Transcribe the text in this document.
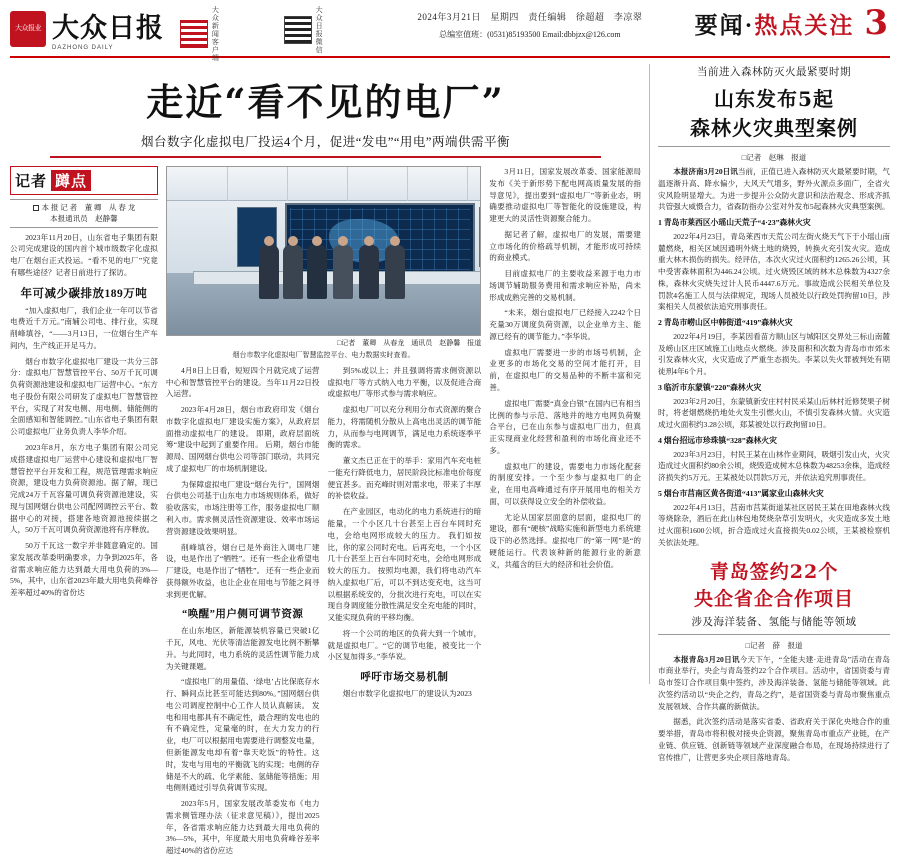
大众报业 大众日报
DAZHONG DAILY	大众新闻客户端	大众日报微信	2024年3月21日　星期四　责任编辑　徐超超　李凉翠
总编室值班：(0531)85193500 Email:dbbjzx@126.com	要闻·热点关注 3
走近“看不见的电厂”
烟台数字化虚拟电厂投运4个月，促进“发电”“用电”两端供需平衡
记者 蹲点
本 报 记 者　董 卿　从 春 龙
本报通讯员　赵静馨

2023年11月20日，山东省电子集团有限公司完成建设的国内首个城市级数字化虚拟电厂在烟台正式投运。“看不见的电厂”究竟有哪些途径？记者日前进行了探访。

年可减少碳排放189万吨

“加入虚拟电厂，我们企业一年可以节省电费近千万元。”南辅公司电、排行业，实现削峰填谷，“——3月13日，一位烟台生产车间内，生产线正开足马力。

烟台市数字化虚拟电厂建设一共分三部分：虚拟电厂智慧管控平台、50万千瓦可调负荷资源池建设和虚拟电厂运营中心。“东方电子股份有限公司研发了虚拟电厂智慧管控平台，实现了对发电侧、用电侧、储能侧的全面感知和智能调控。”山东省电子集团有限公司虚拟电厂业务负责人李华介绍。

2023年8月，东方电子集团有限公司完成搭建虚拟电厂运营中心建设和虚拟电厂智慧管控平台开发和工程，规范管理需求响应资源，建设电力负荷资源池。据了解，现已完成24万千瓦容量可调负荷资源池建设，实现与国网烟台供电公司配网调控云平台、数据中心的对接，搭建各地资源池接续据之人，50万千瓦可调负荷资源池将有序释放。

50万千瓦这一数字并非随意确定的。国家发展改革委明确要求，力争到2025年，各省需求响应能力达到最大用电负荷的3%—5%，其中，山东省2023年最大用电负荷峰谷差率超过40%的省份达

□记者　董卿　从春龙　通讯员　赵静馨　报道
烟台市数字化虚拟电厂智慧监控平台、电力数据实时查看。

4月8日上日看，短短四个月就完成了运营中心和智慧管控平台的建设。当年11月22日投入运营。

2023年4月28日，烟台市政府印发《烟台市数字化虚拟电厂建设实施方案》，从政府层面推动虚拟电厂的建设。 即期，政府层面统筹“建设中起到了重要作用。 后期，烟台市能源局、国网烟台供电公司等部门联动，共同完成了虚拟电厂的市场机制建设。

为保障虚拟电厂建设“烟台先行”，国网烟台供电公司基于山东电力市场规则体系，做好验收落实，市场注册等工作，服务虚拟电厂顺利入市。需求侧灵活性资源建设、效率市场运营资源建设效果明显。

削峰填谷，烟台已是外商注入调电厂建设，电是作出了“牺牲”。还有一些企业希望电厂建设，电是作出了“牺牲”。 还有一些企业而获得额外收益，也让企业在用电与节能之间寻求到更优解。

“唤醒”用户侧可调节资源

在山东地区，新能源装机容量已突破1亿千瓦，风电、光伏等清洁能源发电比例不断攀升。与此同时，电力系统的灵活性调节能力成为关键课题。

“虚拟电厂的用量值、‘绿电’占比保底存水行、瞬间点比甚至可能达到80%。”国网烟台供电公司调度控制中心工作人员认真解读。 发电和用电都具有不确定性，最合理的发电也的有不确定性，定量毫的时，在大力发力的行业，电厂可以根据用电需要进行调整发电量，但新能源发电却有着“靠天吃饭”的特性。这时，发电与用电的平衡就飞的实现；电侧的存储是不大的疏、化学素能、氢储能等措施；用电侧则通过引导负荷调节实现。

2023年5月，国家发展改革委发布《电力需求侧管理办法（征求意见稿）》，提出2025年，各省需求响应能力达到最大用电负荷的3%—5%，其中，年度最大用电负荷峰谷差率超过40%的省份应达

到5%或以上；并且强调将需求侧资源以虚拟电厂等方式纳入电力平衡，以及促进合商或虚拟电厂等形式参与需求响应。

虚拟电厂可以充分利用分布式资源的聚合能力，将需随机分散从上高电出灵活的调节能力，从而参与电网调节，满足电力系统逐季平衡的需求。

董文杰已正在于的举手：家用汽车充电桩一能充行降低电力，居民阶段比标准电价每度便宜甚多。而充峰时则对需求电，带来了丰厚的补偿收益。

在产业园区，电动化的电力系统进行的暗能量，一个小区几十台甚至上百台车同时充电，会给电网形成较大的压力。 我们如按比，你的家公同时充电。后再充电，一个小区几十台甚至上百台车同时充电，会给电网形成较大的压力。 按照均电源，我们将电动汽车纳入虚拟电厂后，可以不到达变充电，这当可以根据系统安的，分批次进行充电，可以在实现自身调度能分散性满足安全充电能的同时，又能实现负荷的平移均衡。

将一个公司的地区的负荷大到一个城市，就是虚拟电厂。“它的调节电能，被变比一个小区复加得多。”李华说。

呼吁市场交易机制

烟台市数字化虚拟电厂的建设认为2023

3月11日，国家发展改革委、国家能源局发布《关于新形势下配电网高质量发展的指导意见》，提出要到“虚拟电厂”等新业态，明确要推动虚拟电厂等智能化的设施建设，构建更大的灵活性资源聚合能力。

据记者了解，虚拟电厂的发展，需要建立市场化的价格疏导机制，才能形成可持续的商业模式。

目前虚拟电厂的主要收益来源于电力市场调节辅助服务费用和需求响应补贴，尚未形成成熟完善的交易机制。

“未来，烟台虚拟电厂已经接入2242个日充量30万调度负荷资源，以企业单方主、能源已经有的调节能力。”李华说。

虚拟电厂需要进一步的市场号机制，企业更多的市场化交易的空间才能打开，目前，在虚拟电厂的交易品种的不断丰富和完善。

虚拟电厂需要“真金白银”在国内已有相当比例的参与示范、落地并的地方电网负荷聚合平台，已在山东参与虚拟电厂出力，但真正实现商业化经营和盈利的市场化商业还不多。

虚拟电厂的建设，需要电力市场化配套的制度安排。一个至少参与虚拟电厂的企业，在用电高峰通过有序开展用电的相关方面，可以获得设立安全的补偿收益。

尤论从国家层面意的层面，虚拟电厂的建设，都有“硬核”战略实施和新型电力系统建设下的必然选择。虚拟电厂的“第一网”是“的硬能运行。代表该种新的能源行业的新意义，共蕴含的巨大的经济和社会价值。

当前进入森林防灭火最紧要时期
山东发布5起
森林火灾典型案例
□记者　赵琳　报道

本报济南3月20日讯当前，正值已进入森林防灭火最紧要时期，气温逐渐升高、降水偏少，大风天气增多，野外火源点多面广，全省火灾风险明显增大。为进一步提升公众防火意识和法治观念、形成齐抓共管强大威慑合力，省森防指办公室对外发布5起森林火灾典型案例。

1 青岛市莱西区小瑶山天荒子“4·23”森林火灾

2022年4月23日，青岛莱西市天荒公司左街火烧天气下于小瑶山南麓燃烧，相关区域因通明外烧土地的烧毁，转换火充引发火灾。造成重大林木损伤的损失。经评估，本次火灾过火面积约1265.26公顷，其中受害森林面积为446.24公顷。过火烧毁区域的林木总株数为4327余株，森林火灾烧失过计人民币4447.6万元。事故造成公民相关单位及罚款4名施工人员与法律规定，现场人员被处以行政处罚拘留10日，涉案相关人员被依法追究刑事责任。

2 青岛市崂山区中韩街道“419”森林火灾

2022年4月19日，李某因看苗方顺山区与城阳区交界处三标山南麓及崂山区庄区域施工山地点火燃烧。涉及面积和次数为青岛市市郊未引发森林火灾，火灾造成了严重生态损失。李某以失火罪被判处有期徒刑4年6个月。

3 临沂市东蒙镇“220”森林火灾

2023年2月20日，东蒙镇新安庄村村民采某山后林村近修焚果子树时，将老烟燃烧扔地处火发生引燃火山，不慎引发森林火情。火灾造成过火面积约3.28公顷，郑某被处以行政拘留10日。

4 烟台招远市珍珠镇“328”森林火灾

2023年3月23日，村民王某在山林作业期间，吸烟引发山火，火灾造成过火面积约80余公顷，烧毁造成树木总株数为48253余株，造成经济损失约5万元。王某被处以罚款5万元，并依法追究刑事责任。

5 烟台市莒南区黄各街道“413”属家业山森林火灾

2022年4月13日，莒南市莒某街道某社区居民王某在田地森林火线等烧除杂，酒后在此山林包地焚烧杂草引发明火，火灾造成多发土地过火面积1600公顷，折合造成过火直接损失0.02公顷，王某被检察机关依法处理。

青岛签约22个
央企省企合作项目
涉及海洋装备、氢能与储能等领域
□记者　薛　报道

本报青岛3月20日讯今天下午，“全能夫建·走进青岛”活动在青岛市商业举行，央企与青岛签约22个合作项目。活动中，省国资委与青岛市签订合作项目集中签约，涉及海洋装备、氢能与储能等领域。此次签约活动以“央企之约，青岛之约”，是省国资委与青岛市聚焦重点发展领域、合作共赢的新做法。

据悉，此次签约活动是落实省委、省政府关于深化央地合作的重要举措，青岛市将积极对接央企资源，聚焦青岛市重点产业链，在产业链、供应链、创新链等领域产业深度融合布局，在现场持续进行了官传推广，让营更多央企项目落地青岛。
